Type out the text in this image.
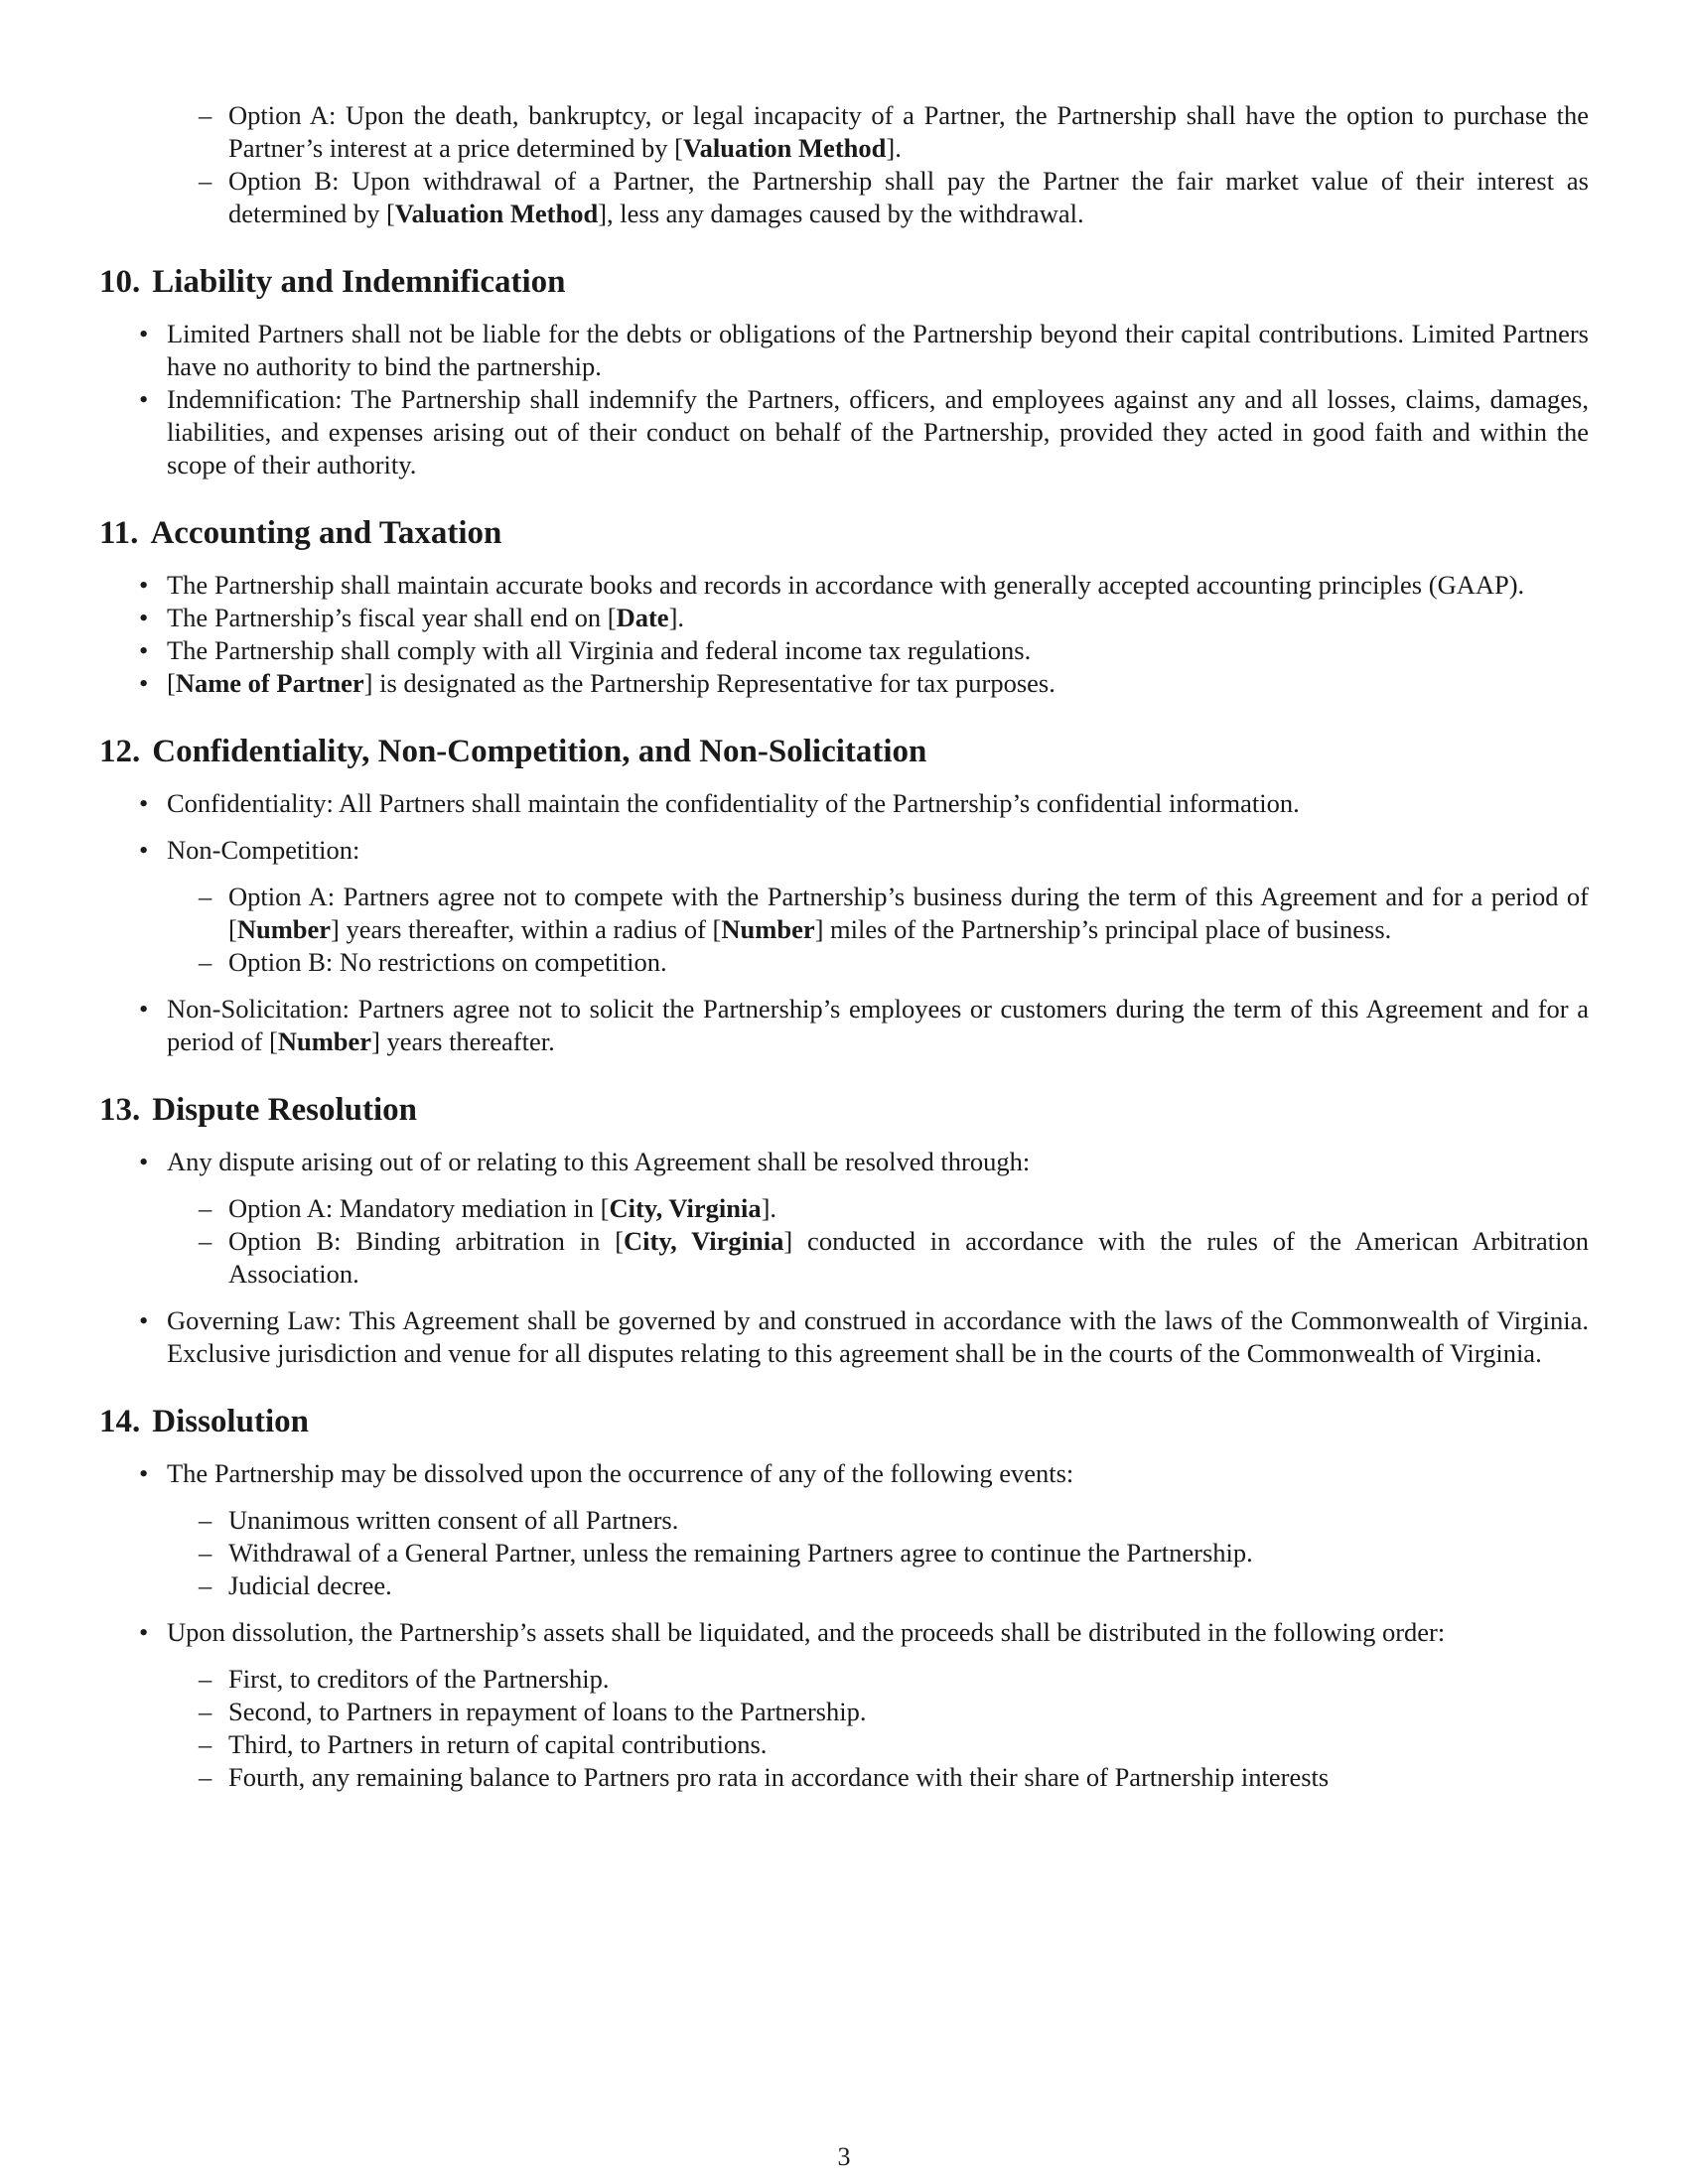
– Option A: Upon the death, bankruptcy, or legal incapacity of a Partner, the Partnership shall have the option to purchase the Partner’s interest at a price determined by [Valuation Method].
– Option B: Upon withdrawal of a Partner, the Partnership shall pay the Partner the fair market value of their interest as determined by [Valuation Method], less any damages caused by the withdrawal.
10. Liability and Indemnification
• Limited Partners shall not be liable for the debts or obligations of the Partnership beyond their capital contributions. Limited Partners have no authority to bind the partnership.
• Indemnification: The Partnership shall indemnify the Partners, officers, and employees against any and all losses, claims, damages, liabilities, and expenses arising out of their conduct on behalf of the Partnership, provided they acted in good faith and within the scope of their authority.
11. Accounting and Taxation
• The Partnership shall maintain accurate books and records in accordance with generally accepted accounting principles (GAAP).
• The Partnership’s fiscal year shall end on [Date].
• The Partnership shall comply with all Virginia and federal income tax regulations.
• [Name of Partner] is designated as the Partnership Representative for tax purposes.
12. Confidentiality, Non-Competition, and Non-Solicitation
• Confidentiality: All Partners shall maintain the confidentiality of the Partnership’s confidential information.
• Non-Competition:
– Option A: Partners agree not to compete with the Partnership’s business during the term of this Agreement and for a period of [Number] years thereafter, within a radius of [Number] miles of the Partnership’s principal place of business.
– Option B: No restrictions on competition.
• Non-Solicitation: Partners agree not to solicit the Partnership’s employees or customers during the term of this Agreement and for a period of [Number] years thereafter.
13. Dispute Resolution
• Any dispute arising out of or relating to this Agreement shall be resolved through:
– Option A: Mandatory mediation in [City, Virginia].
– Option B: Binding arbitration in [City, Virginia] conducted in accordance with the rules of the American Arbitration Association.
• Governing Law: This Agreement shall be governed by and construed in accordance with the laws of the Commonwealth of Virginia. Exclusive jurisdiction and venue for all disputes relating to this agreement shall be in the courts of the Commonwealth of Virginia.
14. Dissolution
• The Partnership may be dissolved upon the occurrence of any of the following events:
– Unanimous written consent of all Partners.
– Withdrawal of a General Partner, unless the remaining Partners agree to continue the Partnership.
– Judicial decree.
• Upon dissolution, the Partnership’s assets shall be liquidated, and the proceeds shall be distributed in the following order:
– First, to creditors of the Partnership.
– Second, to Partners in repayment of loans to the Partnership.
– Third, to Partners in return of capital contributions.
– Fourth, any remaining balance to Partners pro rata in accordance with their share of Partnership interests
3
